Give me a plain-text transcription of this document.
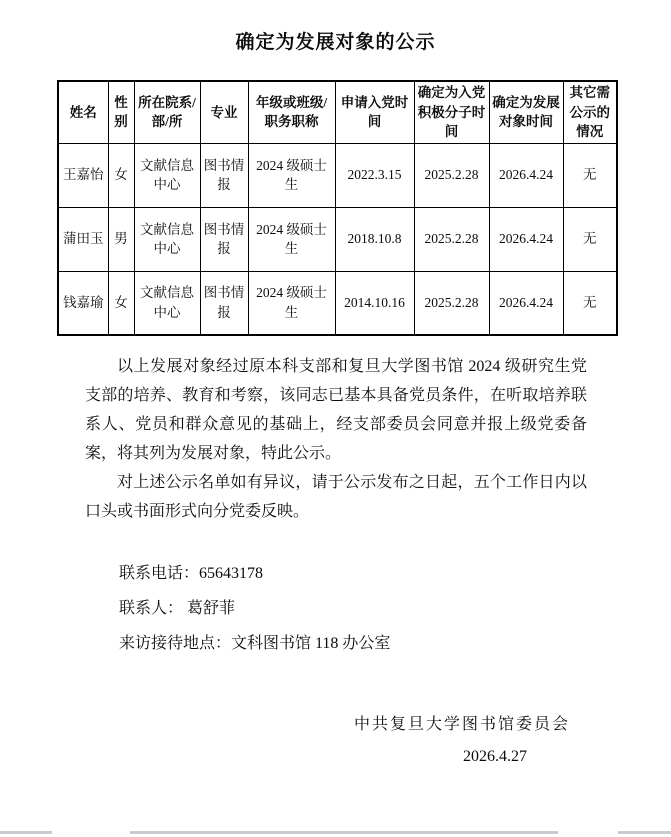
确定为发展对象的公示
姓名	性别	所在院系/部/所	专业	年级或班级/职务职称	申请入党时间	确定为入党积极分子时间	确定为发展对象时间	其它需公示的情况
王嘉怡	女	文献信息中心	图书情报	2024 级硕士生	2022.3.15	2025.2.28	2026.4.24	无
蒲田玉	男	文献信息中心	图书情报	2024 级硕士生	2018.10.8	2025.2.28	2026.4.24	无
钱嘉瑜	女	文献信息中心	图书情报	2024 级硕士生	2014.10.16	2025.2.28	2026.4.24	无

以上发展对象经过原本科支部和复旦大学图书馆 2024 级研究生党支部的培养、教育和考察，该同志已基本具备党员条件，在听取培养联系人、党员和群众意见的基础上，经支部委员会同意并报上级党委备案，将其列为发展对象，特此公示。

对上述公示名单如有异议，请于公示发布之日起，五个工作日内以口头或书面形式向分党委反映。

联系电话：65643178
联系人： 葛舒菲
来访接待地点：文科图书馆 118 办公室
中共复旦大学图书馆委员会
2026.4.27
